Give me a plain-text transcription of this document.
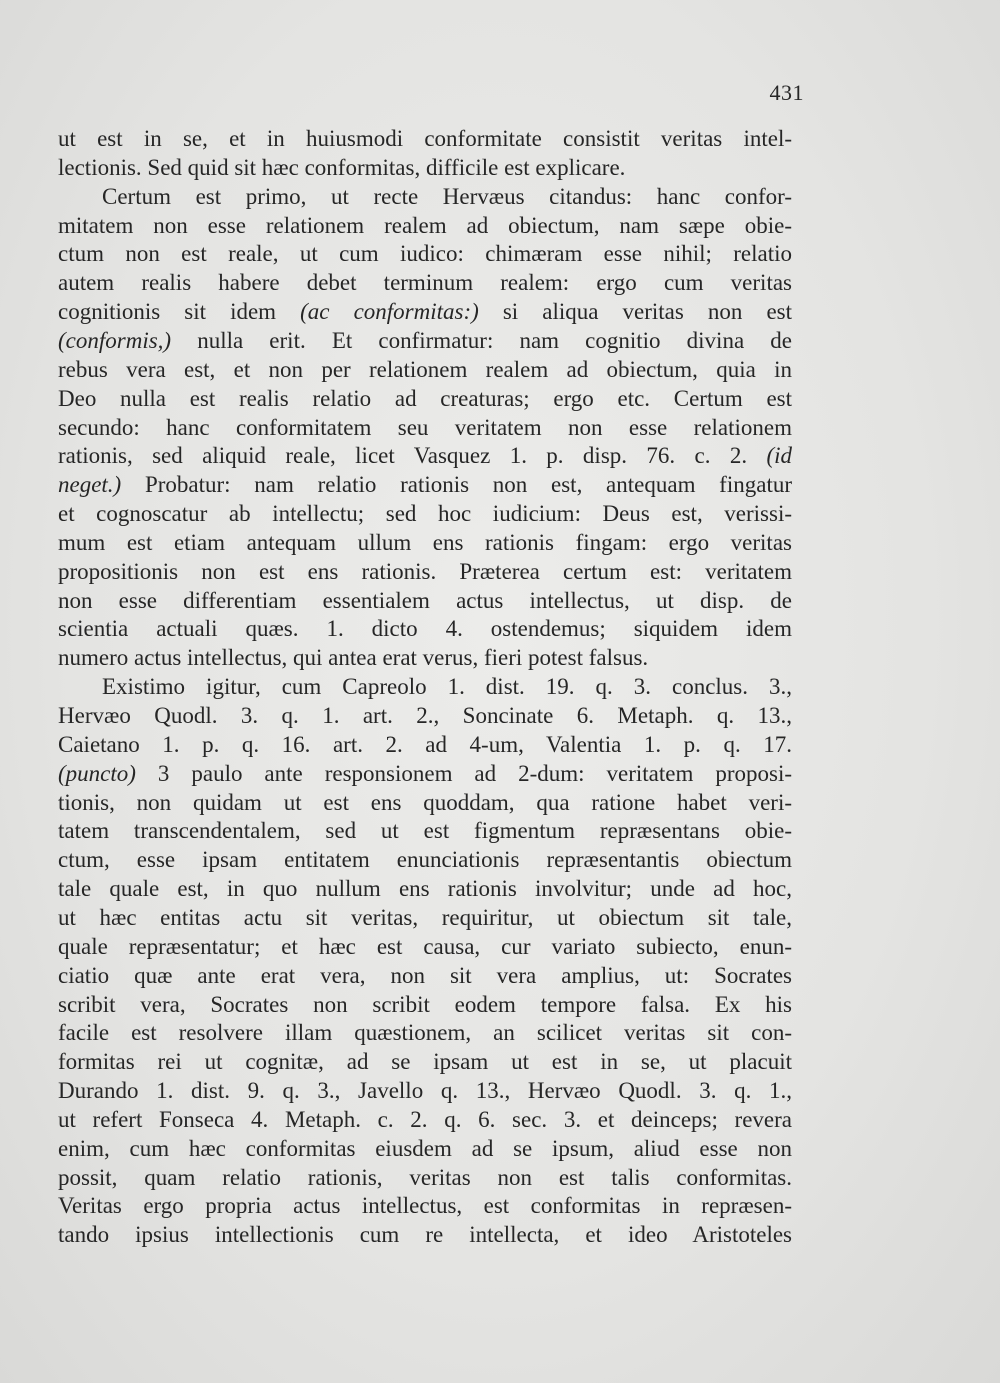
431
ut est in se, et in huiusmodi conformitate consistit veritas intel-
lectionis. Sed quid sit hæc conformitas, difficile est explicare.
Certum est primo, ut recte Hervæus citandus: hanc confor-
mitatem non esse relationem realem ad obiectum, nam sæpe obie-
ctum non est reale, ut cum iudico: chimæram esse nihil; relatio
autem realis habere debet terminum realem: ergo cum veritas
cognitionis sit idem (ac conformitas:) si aliqua veritas non est
(conformis,) nulla erit. Et confirmatur: nam cognitio divina de
rebus vera est, et non per relationem realem ad obiectum, quia in
Deo nulla est realis relatio ad creaturas; ergo etc. Certum est
secundo: hanc conformitatem seu veritatem non esse relationem
rationis, sed aliquid reale, licet Vasquez 1. p. disp. 76. c. 2. (id
neget.) Probatur: nam relatio rationis non est, antequam fingatur
et cognoscatur ab intellectu; sed hoc iudicium: Deus est, verissi-
mum est etiam antequam ullum ens rationis fingam: ergo veritas
propositionis non est ens rationis. Præterea certum est: veritatem
non esse differentiam essentialem actus intellectus, ut disp. de
scientia actuali quæs. 1. dicto 4. ostendemus; siquidem idem
numero actus intellectus, qui antea erat verus, fieri potest falsus.
Existimo igitur, cum Capreolo 1. dist. 19. q. 3. conclus. 3.,
Hervæo Quodl. 3. q. 1. art. 2., Soncinate 6. Metaph. q. 13.,
Caietano 1. p. q. 16. art. 2. ad 4-um, Valentia 1. p. q. 17.
(puncto) 3 paulo ante responsionem ad 2-dum: veritatem proposi-
tionis, non quidam ut est ens quoddam, qua ratione habet veri-
tatem transcendentalem, sed ut est figmentum repræsentans obie-
ctum, esse ipsam entitatem enunciationis repræsentantis obiectum
tale quale est, in quo nullum ens rationis involvitur; unde ad hoc,
ut hæc entitas actu sit veritas, requiritur, ut obiectum sit tale,
quale repræsentatur; et hæc est causa, cur variato subiecto, enun-
ciatio quæ ante erat vera, non sit vera amplius, ut: Socrates
scribit vera, Socrates non scribit eodem tempore falsa. Ex his
facile est resolvere illam quæstionem, an scilicet veritas sit con-
formitas rei ut cognitæ, ad se ipsam ut est in se, ut placuit
Durando 1. dist. 9. q. 3., Javello q. 13., Hervæo Quodl. 3. q. 1.,
ut refert Fonseca 4. Metaph. c. 2. q. 6. sec. 3. et deinceps; revera
enim, cum hæc conformitas eiusdem ad se ipsum, aliud esse non
possit, quam relatio rationis, veritas non est talis conformitas.
Veritas ergo propria actus intellectus, est conformitas in repræsen-
tando ipsius intellectionis cum re intellecta, et ideo Aristoteles
